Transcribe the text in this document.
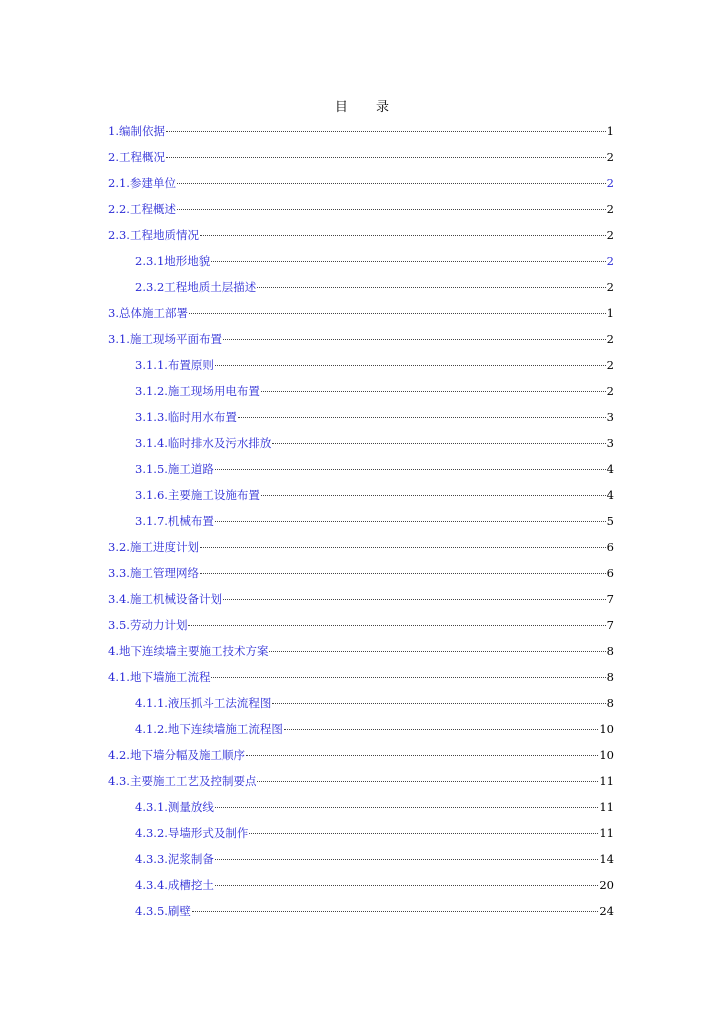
目 录
1.编制依据	1
2.工程概况	2
2.1.参建单位	2
2.2.工程概述	2
2.3.工程地质情况	2
2.3.1地形地貌	2
2.3.2工程地质土层描述	2
3.总体施工部署	1
3.1.施工现场平面布置	2
3.1.1.布置原则	2
3.1.2.施工现场用电布置	2
3.1.3.临时用水布置	3
3.1.4.临时排水及污水排放	3
3.1.5.施工道路	4
3.1.6.主要施工设施布置	4
3.1.7.机械布置	5
3.2.施工进度计划	6
3.3.施工管理网络	6
3.4.施工机械设备计划	7
3.5.劳动力计划	7
4.地下连续墙主要施工技术方案	8
4.1.地下墙施工流程	8
4.1.1.液压抓斗工法流程图	8
4.1.2.地下连续墙施工流程图	10
4.2.地下墙分幅及施工顺序	10
4.3.主要施工工艺及控制要点	11
4.3.1.测量放线	11
4.3.2.导墙形式及制作	11
4.3.3.泥浆制备	14
4.3.4.成槽挖土	20
4.3.5.刷壁	24
